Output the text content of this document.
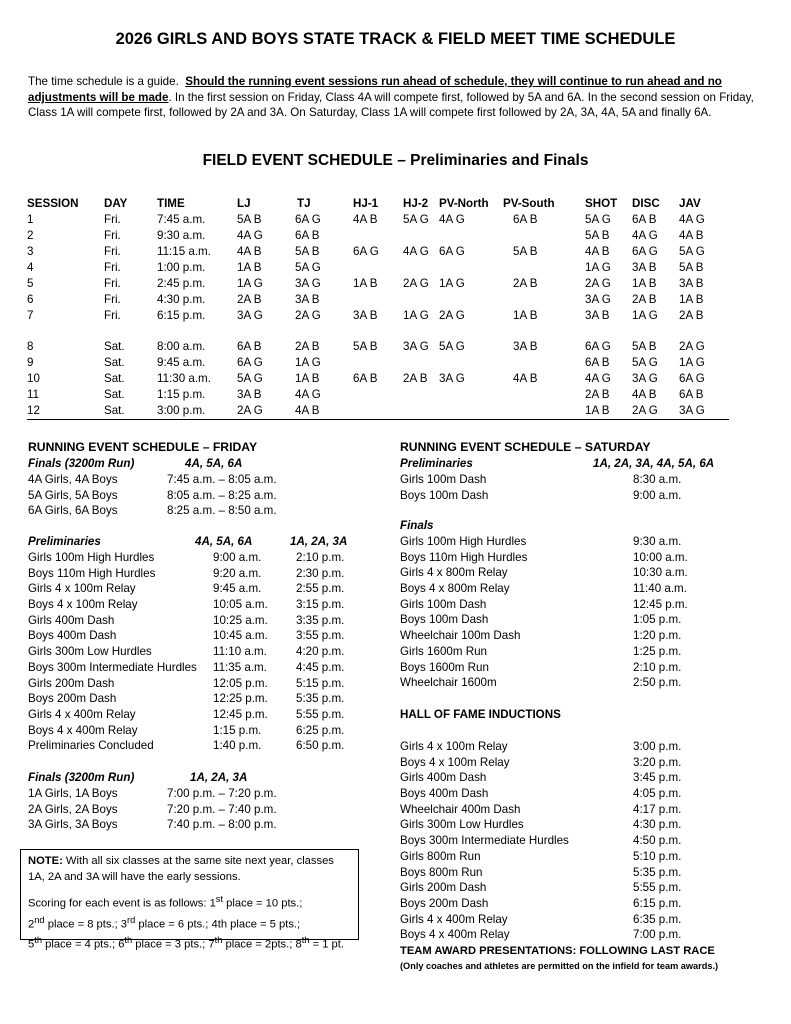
2026 GIRLS AND BOYS STATE TRACK & FIELD MEET TIME SCHEDULE
The time schedule is a guide. Should the running event sessions run ahead of schedule, they will continue to run ahead and no adjustments will be made. In the first session on Friday, Class 4A will compete first, followed by 5A and 6A. In the second session on Friday, Class 1A will compete first, followed by 2A and 3A. On Saturday, Class 1A will compete first followed by 2A, 3A, 4A, 5A and finally 6A.
FIELD EVENT SCHEDULE – Preliminaries and Finals
SESSION	DAY	TIME	LJ	TJ	HJ-1	HJ-2	PV-North	PV-South	SHOT	DISC	JAV
1	Fri.	7:45 a.m.	5A B	6A G	4A B	5A G	4A G	6A B	5A G	6A B	4A G
2	Fri.	9:30 a.m.	4A G	6A B					5A B	4A G	4A B
3	Fri.	11:15 a.m.	4A B	5A B	6A G	4A G	6A G	5A B	4A B	6A G	5A G
4	Fri.	1:00 p.m.	1A B	5A G					1A G	3A B	5A B
5	Fri.	2:45 p.m.	1A G	3A G	1A B	2A G	1A G	2A B	2A G	1A B	3A B
6	Fri.	4:30 p.m.	2A B	3A B					3A G	2A B	1A B
7	Fri.	6:15 p.m.	3A G	2A G	3A B	1A G	2A G	1A B	3A B	1A G	2A B

8	Sat.	8:00 a.m.	6A B	2A B	5A B	3A G	5A G	3A B	6A G	5A B	2A G
9	Sat.	9:45 a.m.	6A G	1A G					6A B	5A G	1A G
10	Sat.	11:30 a.m.	5A G	1A B	6A B	2A B	3A G	4A B	4A G	3A G	6A G
11	Sat.	1:15 p.m.	3A B	4A G					2A B	4A B	6A B
12	Sat.	3:00 p.m.	2A G	4A B					1A B	2A G	3A G
RUNNING EVENT SCHEDULE – FRIDAY
Finals (3200m Run)	4A, 5A, 6A
4A Girls, 4A Boys	7:45 a.m. – 8:05 a.m.
5A Girls, 5A Boys	8:05 a.m. – 8:25 a.m.
6A Girls, 6A Boys	8:25 a.m. – 8:50 a.m.
Preliminaries	4A, 5A, 6A	1A, 2A, 3A
Girls 100m High Hurdles	9:00 a.m.	2:10 p.m.
Boys 110m High Hurdles	9:20 a.m.	2:30 p.m.
Girls 4 x 100m Relay	9:45 a.m.	2:55 p.m.
Boys 4 x 100m Relay	10:05 a.m. 3:15 p.m.
Girls 400m Dash	10:25 a.m. 3:35 p.m.
Boys 400m Dash	10:45 a.m. 3:55 p.m.
Girls 300m Low Hurdles	11:10 a.m.	4:20 p.m.
Boys 300m Intermediate Hurdles 11:35 a.m.	4:45 p.m.
Girls 200m Dash	12:05 p.m. 5:15 p.m.
Boys 200m Dash	12:25 p.m. 5:35 p.m.
Girls 4 x 400m Relay	12:45 p.m. 5:55 p.m.
Boys 4 x 400m Relay	1:15 p.m.	6:25 p.m.
Preliminaries Concluded	1:40 p.m.	6:50 p.m.
Finals (3200m Run)	1A, 2A, 3A
1A Girls, 1A Boys	7:00 p.m. – 7:20 p.m.
2A Girls, 2A Boys	7:20 p.m. – 7:40 p.m.
3A Girls, 3A Boys	7:40 p.m. – 8:00 p.m.
NOTE: With all six classes at the same site next year, classes 1A, 2A and 3A will have the early sessions.
Scoring for each event is as follows: 1st place = 10 pts.;
2nd place = 8 pts.; 3rd place = 6 pts.; 4th place = 5 pts.;
5th place = 4 pts.; 6th place = 3 pts.; 7th place = 2pts.; 8th = 1 pt.
RUNNING EVENT SCHEDULE – SATURDAY
Preliminaries	1A, 2A, 3A, 4A, 5A, 6A
Girls 100m Dash	8:30 a.m.
Boys 100m Dash	9:00 a.m.
Finals
Girls 100m High Hurdles	9:30 a.m.
Boys 110m High Hurdles	10:00 a.m.
Girls 4 x 800m Relay	10:30 a.m.
Boys 4 x 800m Relay	11:40 a.m.
Girls 100m Dash	12:45 p.m.
Boys 100m Dash	1:05 p.m.
Wheelchair 100m Dash	1:20 p.m.
Girls 1600m Run	1:25 p.m.
Boys 1600m Run	2:10 p.m.
Wheelchair 1600m	2:50 p.m.
HALL OF FAME INDUCTIONS
Girls 4 x 100m Relay	3:00 p.m.
Boys 4 x 100m Relay	3:20 p.m.
Girls 400m Dash	3:45 p.m.
Boys 400m Dash	4:05 p.m.
Wheelchair 400m Dash	4:17 p.m.
Girls 300m Low Hurdles	4:30 p.m.
Boys 300m Intermediate Hurdles	4:50 p.m.
Girls 800m Run	5:10 p.m.
Boys 800m Run	5:35 p.m.
Girls 200m Dash	5:55 p.m.
Boys 200m Dash	6:15 p.m.
Girls 4 x 400m Relay	6:35 p.m.
Boys 4 x 400m Relay	7:00 p.m.
TEAM AWARD PRESENTATIONS: FOLLOWING LAST RACE
(Only coaches and athletes are permitted on the infield for team awards.)
